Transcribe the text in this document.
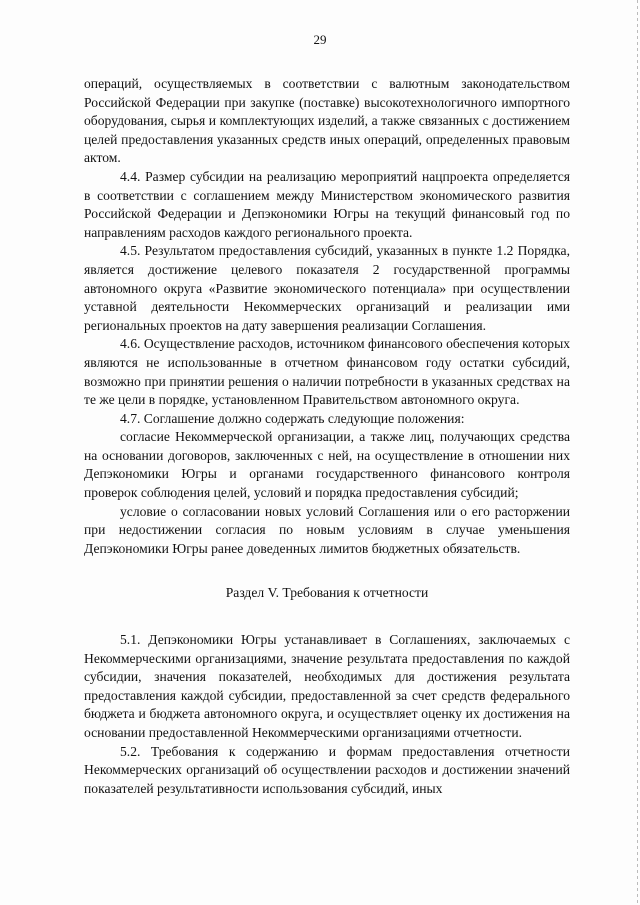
29

операций, осуществляемых в соответствии с валютным законодательством Российской Федерации при закупке (поставке) высокотехнологичного импортного оборудования, сырья и комплектующих изделий, а также связанных с достижением целей предоставления указанных средств иных операций, определенных правовым актом.

4.4. Размер субсидии на реализацию мероприятий нацпроекта определяется в соответствии с соглашением между Министерством экономического развития Российской Федерации и Депэкономики Югры на текущий финансовый год по направлениям расходов каждого регионального проекта.

4.5. Результатом предоставления субсидий, указанных в пункте 1.2 Порядка, является достижение целевого показателя 2 государственной программы автономного округа «Развитие экономического потенциала» при осуществлении уставной деятельности Некоммерческих организаций и реализации ими региональных проектов на дату завершения реализации Соглашения.

4.6. Осуществление расходов, источником финансового обеспечения которых являются не использованные в отчетном финансовом году остатки субсидий, возможно при принятии решения о наличии потребности в указанных средствах на те же цели в порядке, установленном Правительством автономного округа.

4.7. Соглашение должно содержать следующие положения:

согласие Некоммерческой организации, а также лиц, получающих средства на основании договоров, заключенных с ней, на осуществление в отношении них Депэкономики Югры и органами государственного финансового контроля проверок соблюдения целей, условий и порядка предоставления субсидий;

условие о согласовании новых условий Соглашения или о его расторжении при недостижении согласия по новым условиям в случае уменьшения Депэкономики Югры ранее доведенных лимитов бюджетных обязательств.

Раздел V. Требования к отчетности

5.1. Депэкономики Югры устанавливает в Соглашениях, заключаемых с Некоммерческими организациями, значение результата предоставления по каждой субсидии, значения показателей, необходимых для достижения результата предоставления каждой субсидии, предоставленной за счет средств федерального бюджета и бюджета автономного округа, и осуществляет оценку их достижения на основании предоставленной Некоммерческими организациями отчетности.

5.2. Требования к содержанию и формам предоставления отчетности Некоммерческих организаций об осуществлении расходов и достижении значений показателей результативности использования субсидий, иных
